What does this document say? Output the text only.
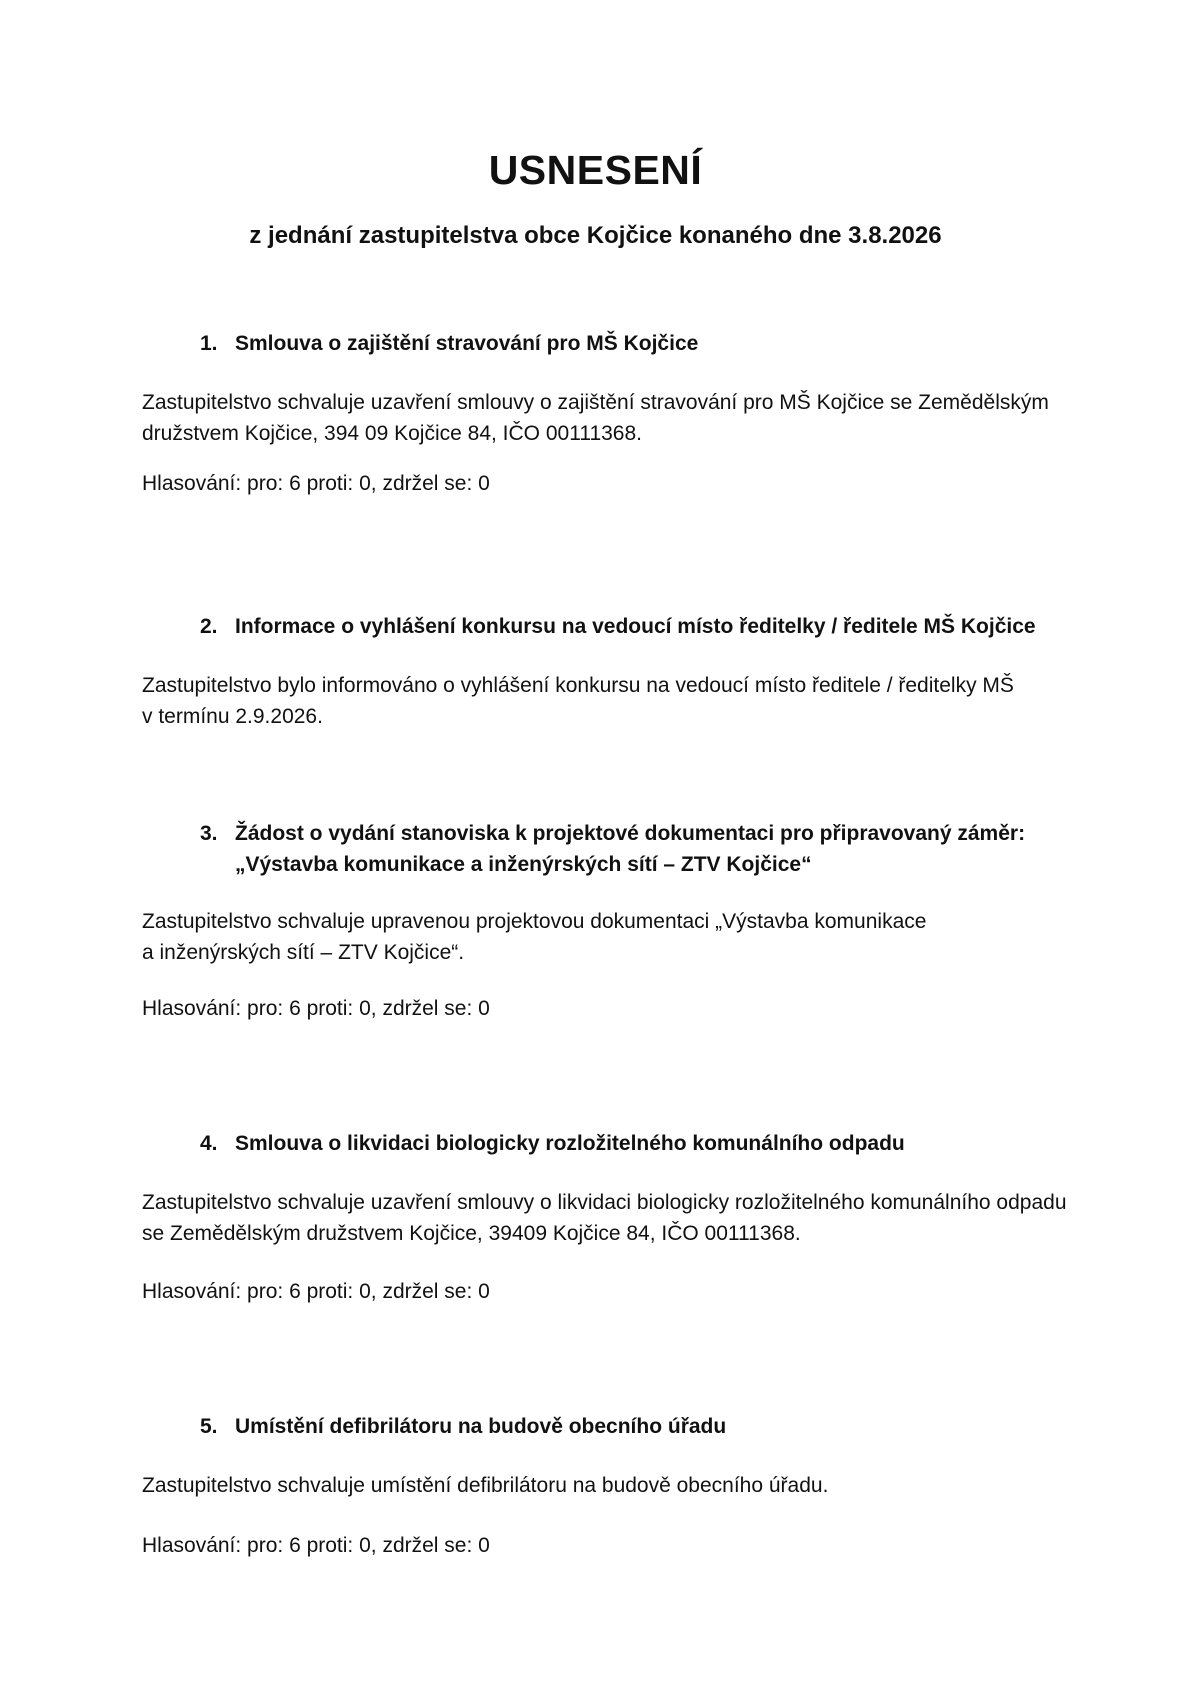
USNESENÍ
z jednání zastupitelstva obce Kojčice konaného dne 3.8.2026
1. Smlouva o zajištění stravování pro MŠ Kojčice
Zastupitelstvo schvaluje uzavření smlouvy o zajištění stravování pro MŠ Kojčice se Zemědělským
družstvem Kojčice, 394 09 Kojčice 84, IČO 00111368.
Hlasování: pro: 6 proti: 0, zdržel se: 0
2. Informace o vyhlášení konkursu na vedoucí místo ředitelky / ředitele MŠ Kojčice
Zastupitelstvo bylo informováno o vyhlášení konkursu na vedoucí místo ředitele / ředitelky MŠ
v termínu 2.9.2026.
3. Žádost o vydání stanoviska k projektové dokumentaci pro připravovaný záměr:
„Výstavba komunikace a inženýrských sítí – ZTV Kojčice“
Zastupitelstvo schvaluje upravenou projektovou dokumentaci „Výstavba komunikace
a inženýrských sítí – ZTV Kojčice“.
Hlasování: pro: 6 proti: 0, zdržel se: 0
4. Smlouva o likvidaci biologicky rozložitelného komunálního odpadu
Zastupitelstvo schvaluje uzavření smlouvy o likvidaci biologicky rozložitelného komunálního odpadu
se Zemědělským družstvem Kojčice, 39409 Kojčice 84, IČO 00111368.
Hlasování: pro: 6 proti: 0, zdržel se: 0
5. Umístění defibrilátoru na budově obecního úřadu
Zastupitelstvo schvaluje umístění defibrilátoru na budově obecního úřadu.
Hlasování: pro: 6 proti: 0, zdržel se: 0
